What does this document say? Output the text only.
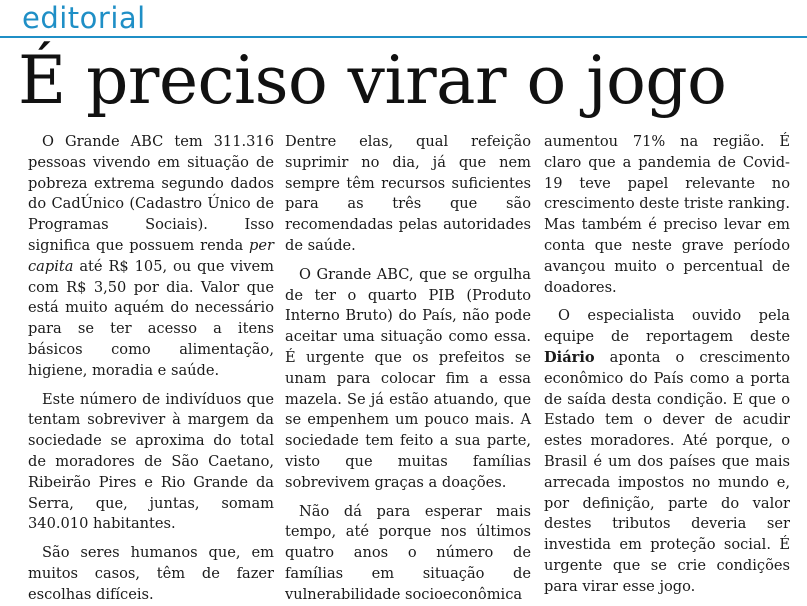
editorial
É preciso virar o jogo

O Grande ABC tem 311.316 pessoas vivendo em situação de pobreza extrema segundo dados do CadÚnico (Cadastro Único de Programas Sociais). Isso significa que possuem renda per capita até R$ 105, ou que vivem com R$ 3,50 por dia. Valor que está muito aquém do necessário para se ter acesso a itens básicos como alimentação, higiene, moradia e saúde.

Este número de indivíduos que tentam sobreviver à margem da sociedade se aproxima do total de moradores de São Caetano, Ribeirão Pires e Rio Grande da Serra, que, juntas, somam 340.010 habitantes.

São seres humanos que, em muitos casos, têm de fazer escolhas difíceis.

Dentre elas, qual refeição suprimir no dia, já que nem sempre têm recursos suficientes para as três que são recomendadas pelas autoridades de saúde.

O Grande ABC, que se orgulha de ter o quarto PIB (Produto Interno Bruto) do País, não pode aceitar uma situação como essa. É urgente que os prefeitos se unam para colocar fim a essa mazela. Se já estão atuando, que se empenhem um pouco mais. A sociedade tem feito a sua parte, visto que muitas famílias sobrevivem graças a doações.

Não dá para esperar mais tempo, até porque nos últimos quatro anos o número de famílias em situação de vulnerabilidade socioeconômica

aumentou 71% na região. É claro que a pandemia de Covid-19 teve papel relevante no crescimento deste triste ranking. Mas também é preciso levar em conta que neste grave período avançou muito o percentual de doadores.

O especialista ouvido pela equipe de reportagem deste Diário aponta o crescimento econômico do País como a porta de saída desta condição. E que o Estado tem o dever de acudir estes moradores. Até porque, o Brasil é um dos países que mais arrecada impostos no mundo e, por definição, parte do valor destes tributos deveria ser investida em proteção social. É urgente que se crie condições para virar esse jogo.
